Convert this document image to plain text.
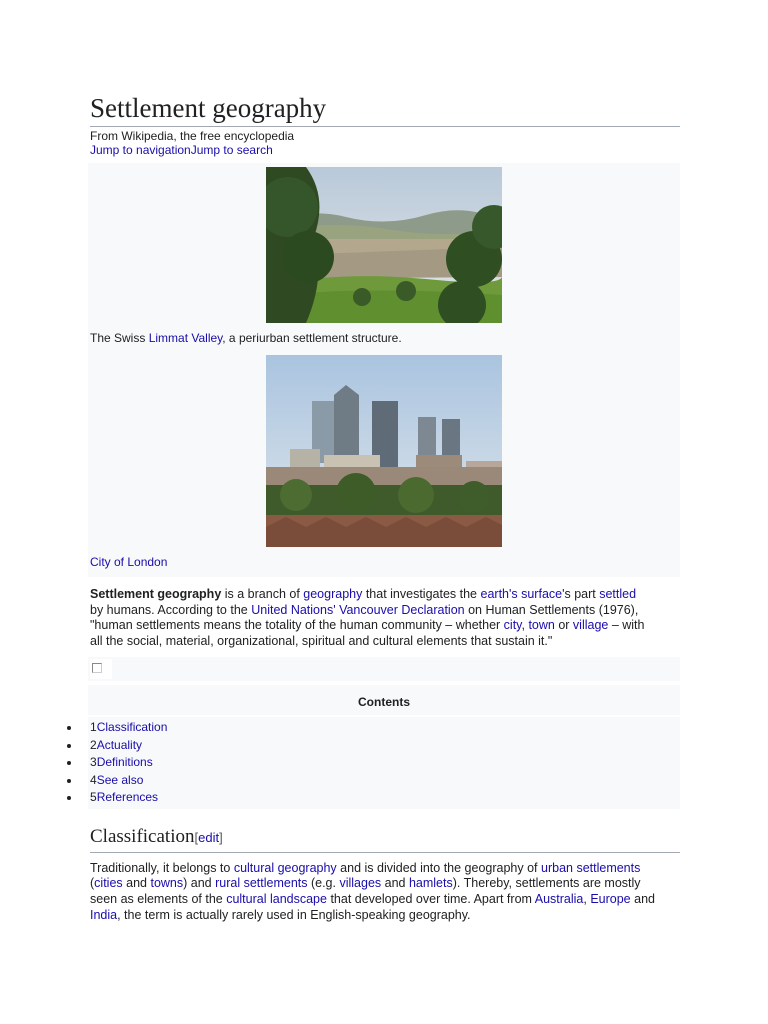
Settlement geography
From Wikipedia, the free encyclopedia
Jump to navigationJump to search
The Swiss Limmat Valley, a periurban settlement structure.
City of London
Settlement geography is a branch of geography that investigates the earth's surface's part settled by humans. According to the United Nations' Vancouver Declaration on Human Settlements (1976), "human settlements means the totality of the human community – whether city, town or village – with all the social, material, organizational, spiritual and cultural elements that sustain it."
Contents
1Classification
2Actuality
3Definitions
4See also
5References
Classification[edit]
Traditionally, it belongs to cultural geography and is divided into the geography of urban settlements (cities and towns) and rural settlements (e.g. villages and hamlets). Thereby, settlements are mostly seen as elements of the cultural landscape that developed over time. Apart from Australia, Europe and India, the term is actually rarely used in English-speaking geography.
